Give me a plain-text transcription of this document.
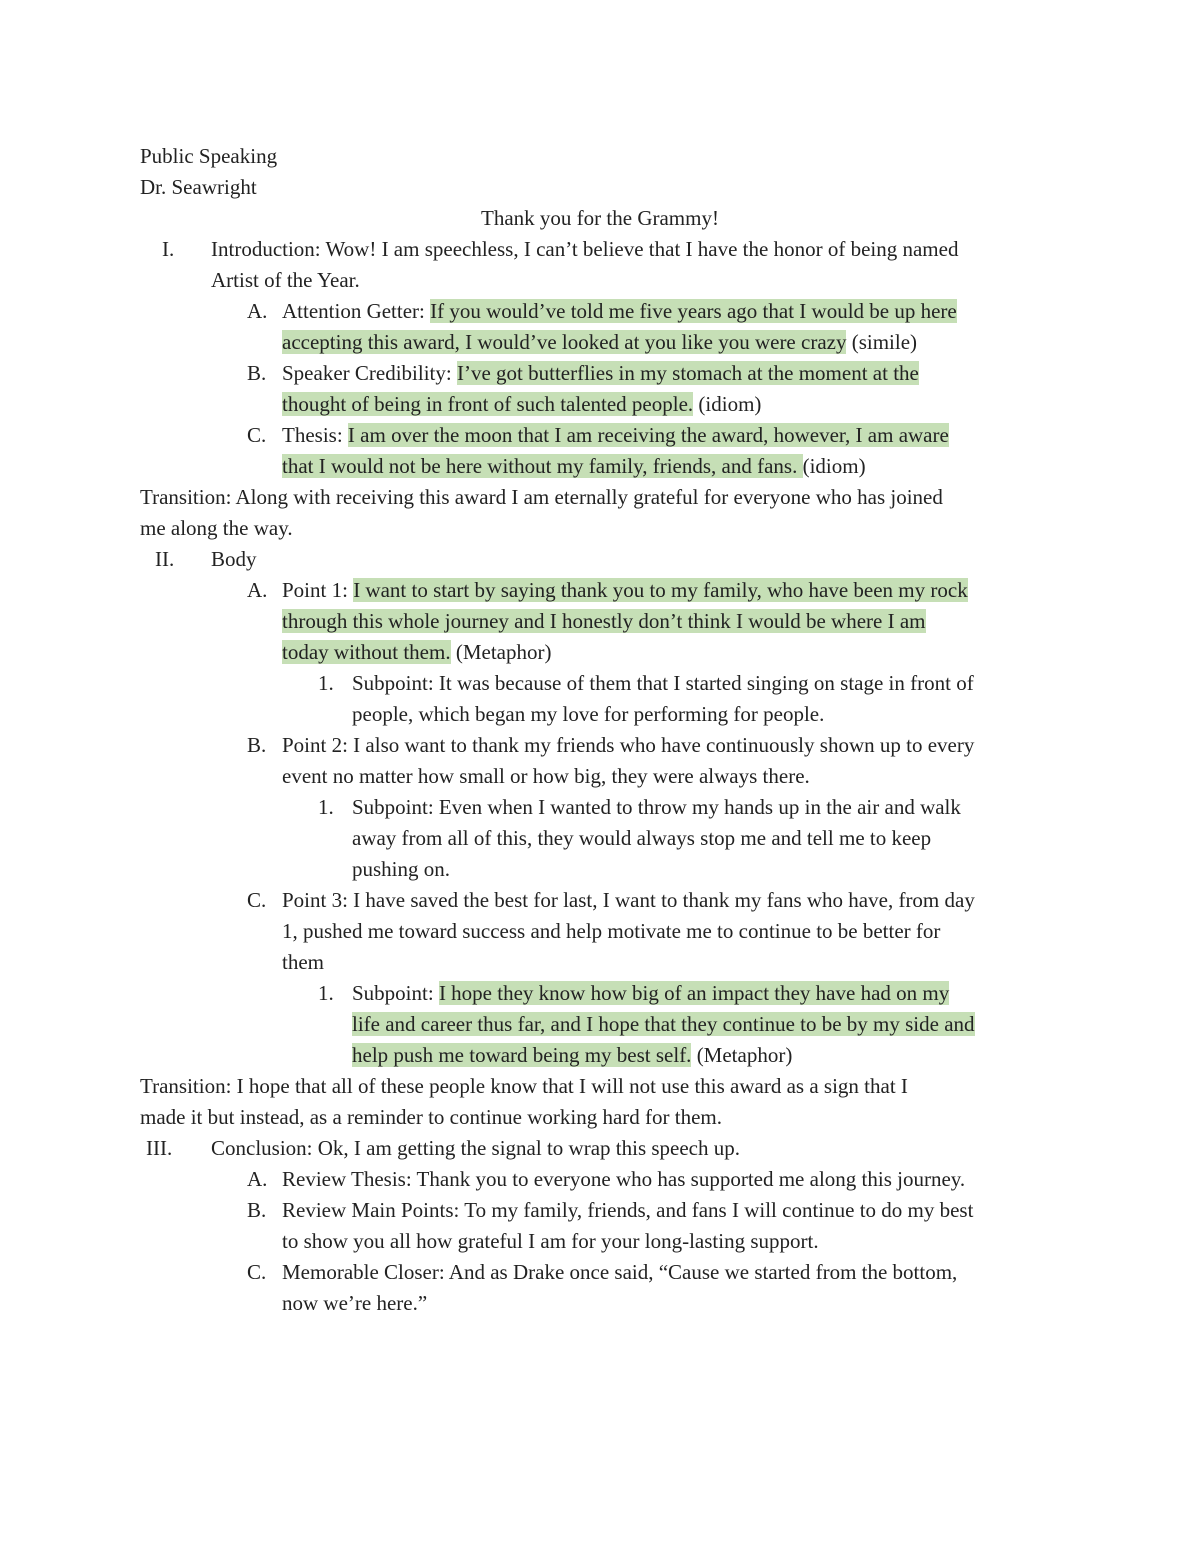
Public Speaking
Dr. Seawright
Thank you for the Grammy!
I. Introduction: Wow! I am speechless, I can’t believe that I have the honor of being named
Artist of the Year.
A. Attention Getter: If you would’ve told me five years ago that I would be up here
accepting this award, I would’ve looked at you like you were crazy (simile)
B. Speaker Credibility: I’ve got butterflies in my stomach at the moment at the
thought of being in front of such talented people. (idiom)
C. Thesis: I am over the moon that I am receiving the award, however, I am aware
that I would not be here without my family, friends, and fans. (idiom)
Transition: Along with receiving this award I am eternally grateful for everyone who has joined
me along the way.
II. Body
A. Point 1: I want to start by saying thank you to my family, who have been my rock
through this whole journey and I honestly don’t think I would be where I am
today without them. (Metaphor)
1. Subpoint: It was because of them that I started singing on stage in front of
people, which began my love for performing for people.
B. Point 2: I also want to thank my friends who have continuously shown up to every
event no matter how small or how big, they were always there.
1. Subpoint: Even when I wanted to throw my hands up in the air and walk
away from all of this, they would always stop me and tell me to keep
pushing on.
C. Point 3: I have saved the best for last, I want to thank my fans who have, from day
1, pushed me toward success and help motivate me to continue to be better for
them
1. Subpoint: I hope they know how big of an impact they have had on my
life and career thus far, and I hope that they continue to be by my side and
help push me toward being my best self. (Metaphor)
Transition: I hope that all of these people know that I will not use this award as a sign that I
made it but instead, as a reminder to continue working hard for them.
III. Conclusion: Ok, I am getting the signal to wrap this speech up.
A. Review Thesis: Thank you to everyone who has supported me along this journey.
B. Review Main Points: To my family, friends, and fans I will continue to do my best
to show you all how grateful I am for your long-lasting support.
C. Memorable Closer: And as Drake once said, “Cause we started from the bottom,
now we’re here.”
